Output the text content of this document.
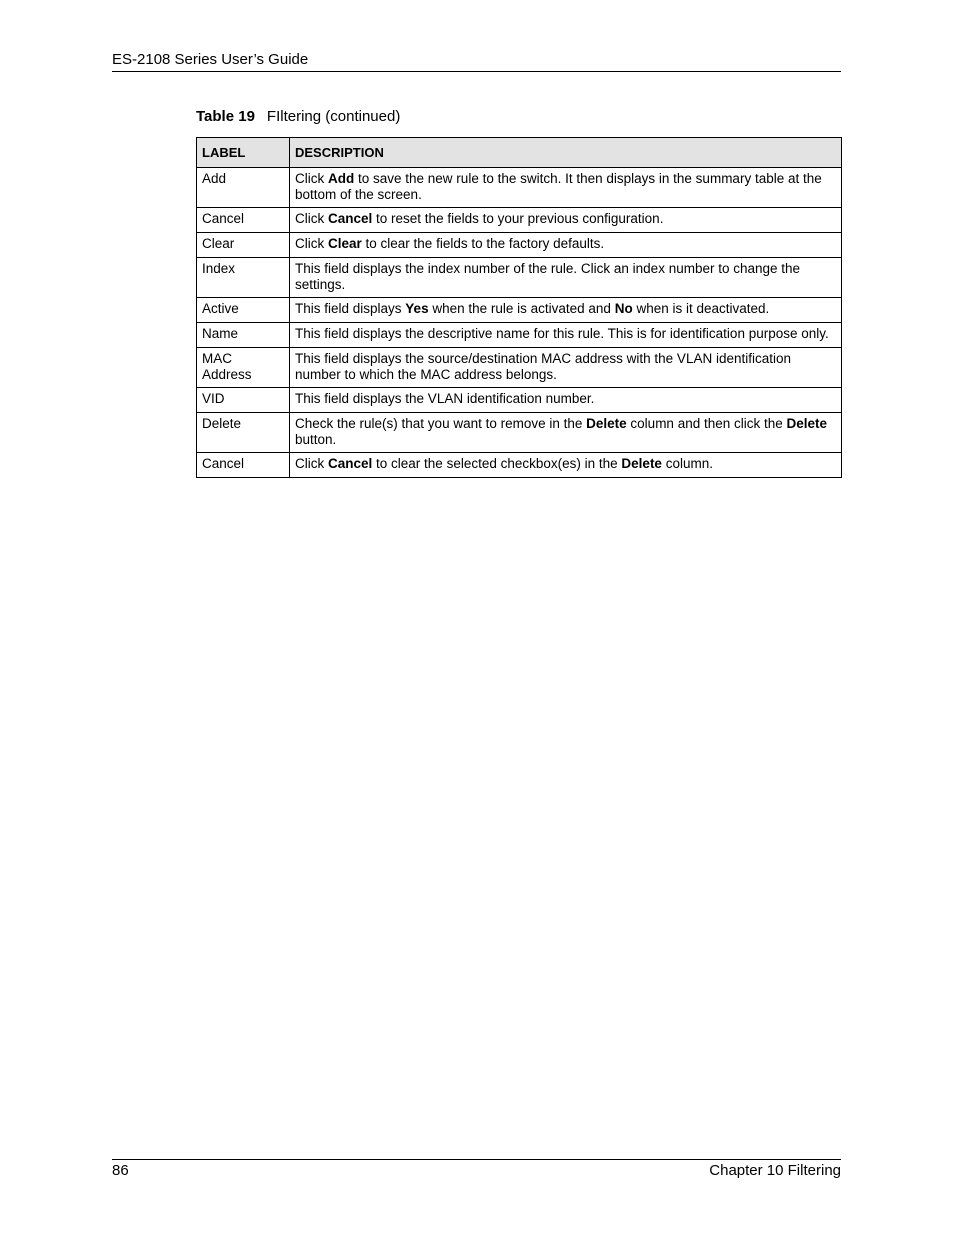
ES-2108 Series User’s Guide
Table 19 FIltering (continued)
LABEL	DESCRIPTION
Add	Click Add to save the new rule to the switch. It then displays in the summary table at the bottom of the screen.
Cancel	Click Cancel to reset the fields to your previous configuration.
Clear	Click Clear to clear the fields to the factory defaults.
Index	This field displays the index number of the rule. Click an index number to change the settings.
Active	This field displays Yes when the rule is activated and No when is it deactivated.
Name	This field displays the descriptive name for this rule. This is for identification purpose only.
MAC Address	This field displays the source/destination MAC address with the VLAN identification number to which the MAC address belongs.
VID	This field displays the VLAN identification number.
Delete	Check the rule(s) that you want to remove in the Delete column and then click the Delete button.
Cancel	Click Cancel to clear the selected checkbox(es) in the Delete column.
86	Chapter 10 Filtering
